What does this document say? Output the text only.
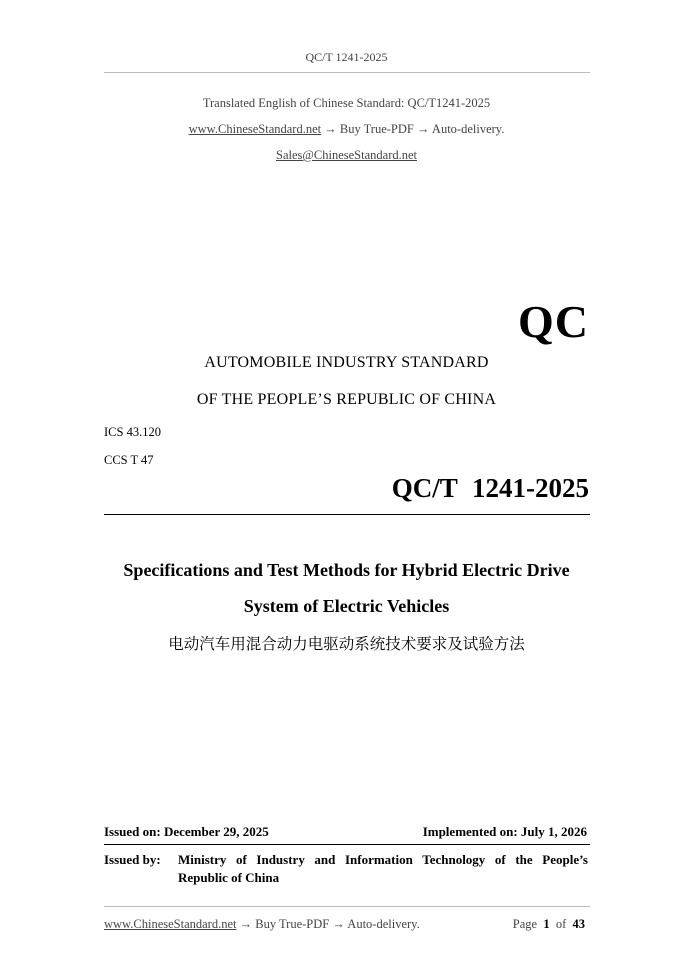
QC/T 1241-2025
Translated English of Chinese Standard: QC/T1241-2025
www.ChineseStandard.net → Buy True-PDF → Auto-delivery.
Sales@ChineseStandard.net
QC
AUTOMOBILE INDUSTRY STANDARD
OF THE PEOPLE’S REPUBLIC OF CHINA
ICS 43.120
CCS T 47
QC/T 1241-2025
Specifications and Test Methods for Hybrid Electric Drive
System of Electric Vehicles
电动汽车用混合动力电驱动系统技术要求及试验方法
Issued on: December 29, 2025	Implemented on: July 1, 2026
Issued by:	Ministry of Industry and Information Technology of the People’s
Republic of China
www.ChineseStandard.net → Buy True-PDF → Auto-delivery.	Page 1 of 43
